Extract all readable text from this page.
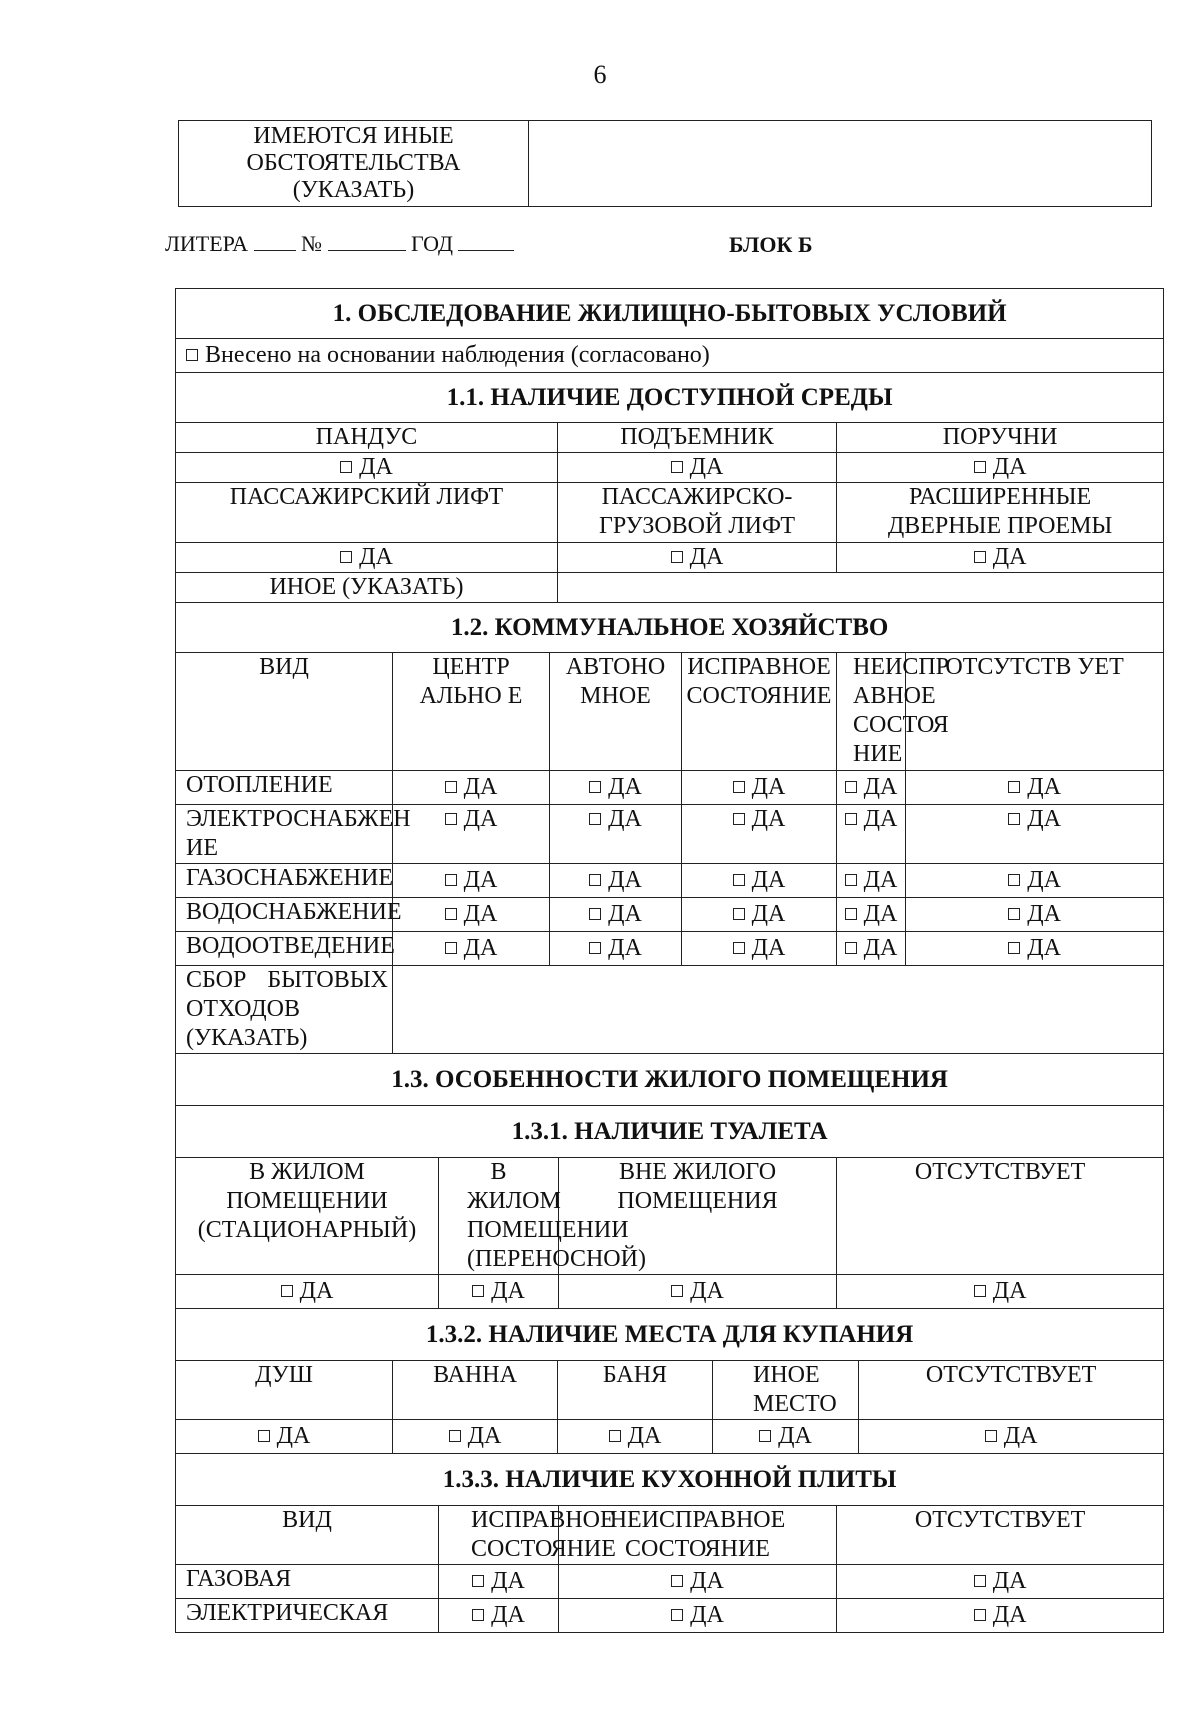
6
ИМЕЮТСЯ ИНЫЕ
ОБСТОЯТЕЛЬСТВА
(УКАЗАТЬ)	
ЛИТЕРА №	ГОД	БЛОК Б
1. ОБСЛЕДОВАНИЕ ЖИЛИЩНО-БЫТОВЫХ УСЛОВИЙ									
Внесено на основании наблюдения (согласовано)									
1.1. НАЛИЧИЕ ДОСТУПНОЙ СРЕДЫ									
ПАНДУС				ПОДЪЕМНИК			ПОРУЧНИ		
ДА				ДА			ДА		
ПАССАЖИРСКИЙ ЛИФТ				ПАССАЖИРСКО-ГРУЗОВОЙ ЛИФТ			РАСШИРЕННЫЕ ДВЕРНЫЕ ПРОЕМЫ		
ДА				ДА			ДА		
ИНОЕ (УКАЗАТЬ)									
1.2. КОММУНАЛЬНОЕ ХОЗЯЙСТВО									
ВИД	ЦЕНТР АЛЬНО Е		АВТОНО МНОЕ		ИСПРАВНОЕ СОСТОЯНИЕ		НЕИСПР АВНОЕ СОСТОЯ НИЕ		ОТСУТСТВ УЕТ
ОТОПЛЕНИЕ	ДА		ДА		ДА		ДА		ДА
ЭЛЕКТРОСНАБЖЕН ИЕ	ДА		ДА		ДА		ДА		ДА
ГАЗОСНАБЖЕНИЕ	ДА		ДА		ДА		ДА		ДА
ВОДОСНАБЖЕНИЕ	ДА		ДА		ДА		ДА		ДА
ВОДООТВЕДЕНИЕ	ДА		ДА		ДА		ДА		ДА
СБОР БЫТОВЫХ ОТХОДОВ (УКАЗАТЬ)									
1.3. ОСОБЕННОСТИ ЖИЛОГО ПОМЕЩЕНИЯ									
1.3.1. НАЛИЧИЕ ТУАЛЕТА									
В ЖИЛОМ ПОМЕЩЕНИИ (СТАЦИОНАРНЫЙ)		В ЖИЛОМ ПОМЕЩЕНИИ (ПЕРЕНОСНОЙ)		ВНЕ ЖИЛОГО ПОМЕЩЕНИЯ			ОТСУТСТВУЕТ		
ДА		ДА		ДА			ДА		
1.3.2. НАЛИЧИЕ МЕСТА ДЛЯ КУПАНИЯ									
ДУШ	ВАННА			БАНЯ		ИНОЕ МЕСТО		ОТСУТСТВУЕТ	
ДА	ДА			ДА		ДА		ДА	
1.3.3. НАЛИЧИЕ КУХОННОЙ ПЛИТЫ									
ВИД		ИСПРАВНОЕ СОСТОЯНИЕ		НЕИСПРАВНОЕ СОСТОЯНИЕ			ОТСУТСТВУЕТ		
ГАЗОВАЯ		ДА		ДА			ДА		
ЭЛЕКТРИЧЕСКАЯ		ДА		ДА			ДА		
